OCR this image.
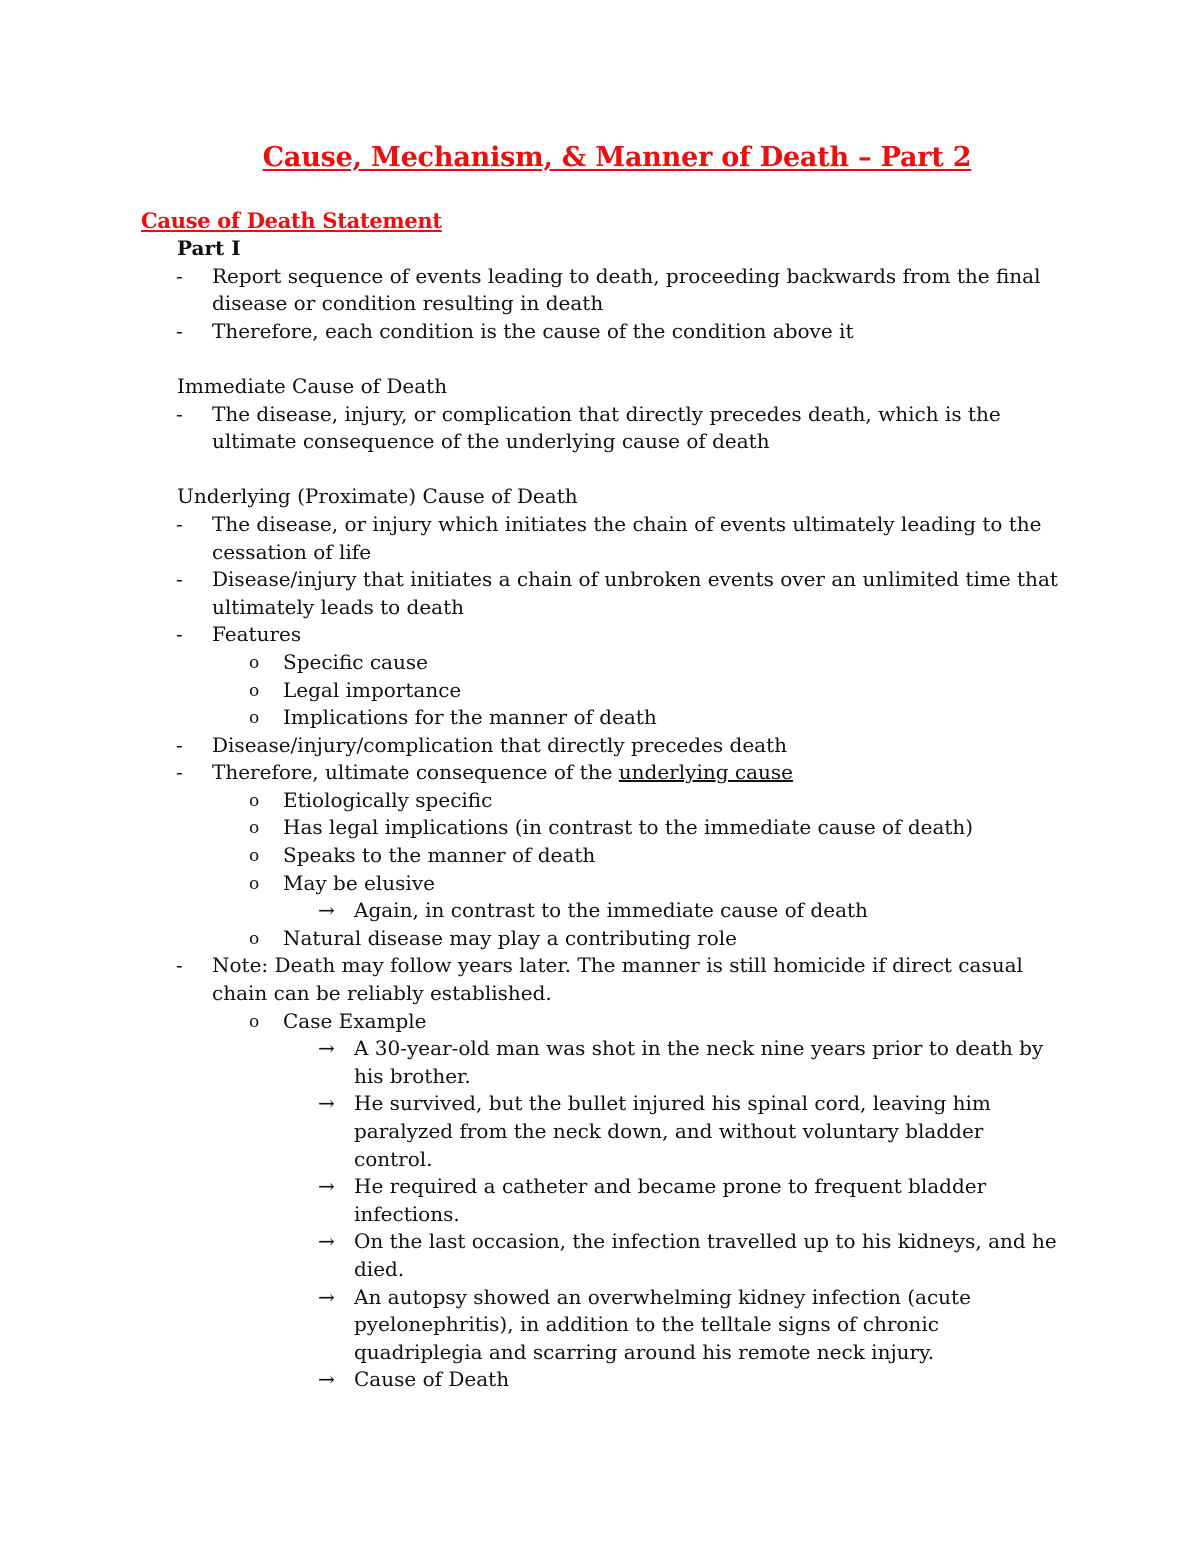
Cause, Mechanism, & Manner of Death – Part 2
Cause of Death Statement
Part I
- Report sequence of events leading to death, proceeding backwards from the final
disease or condition resulting in death
- Therefore, each condition is the cause of the condition above it
Immediate Cause of Death
- The disease, injury, or complication that directly precedes death, which is the
ultimate consequence of the underlying cause of death
Underlying (Proximate) Cause of Death
- The disease, or injury which initiates the chain of events ultimately leading to the
cessation of life
- Disease/injury that initiates a chain of unbroken events over an unlimited time that
ultimately leads to death
- Features
o Specific cause
o Legal importance
o Implications for the manner of death
- Disease/injury/complication that directly precedes death
- Therefore, ultimate consequence of the underlying cause
o Etiologically specific
o Has legal implications (in contrast to the immediate cause of death)
o Speaks to the manner of death
o May be elusive
→ Again, in contrast to the immediate cause of death
o Natural disease may play a contributing role
- Note: Death may follow years later. The manner is still homicide if direct casual
chain can be reliably established.
o Case Example
→ A 30-year-old man was shot in the neck nine years prior to death by
his brother.
→ He survived, but the bullet injured his spinal cord, leaving him
paralyzed from the neck down, and without voluntary bladder
control.
→ He required a catheter and became prone to frequent bladder
infections.
→ On the last occasion, the infection travelled up to his kidneys, and he
died.
→ An autopsy showed an overwhelming kidney infection (acute
pyelonephritis), in addition to the telltale signs of chronic
quadriplegia and scarring around his remote neck injury.
→ Cause of Death
